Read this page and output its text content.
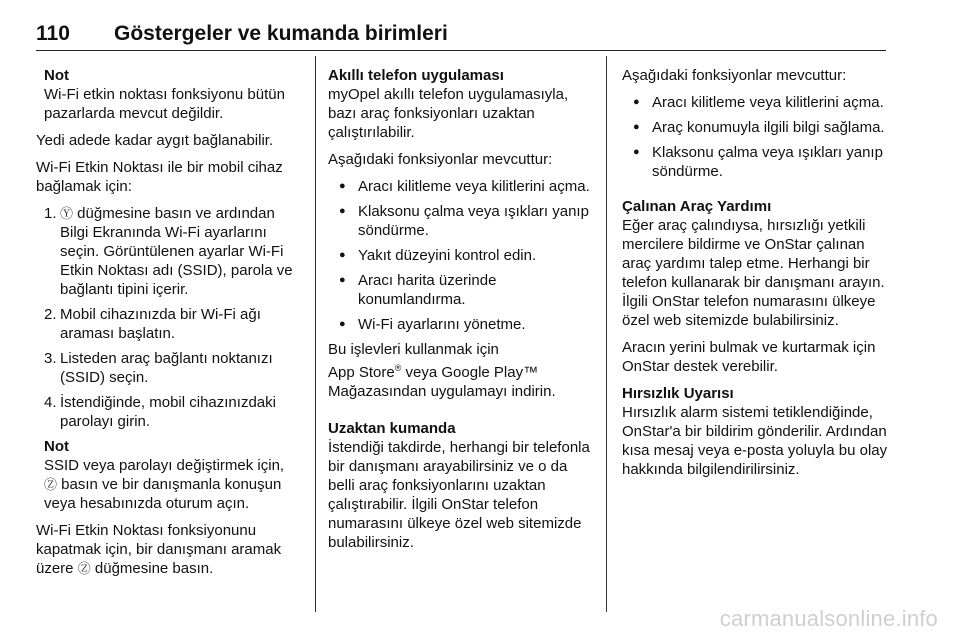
110 Göstergeler ve kumanda birimleri
Not
Wi-Fi etkin noktası fonksiyonu bütün pazarlarda mevcut değildir.

Yedi adede kadar aygıt bağlanabilir.

Wi-Fi Etkin Noktası ile bir mobil cihaz bağlamak için:

1. Ⓨ düğmesine basın ve ardından Bilgi Ekranında Wi-Fi ayarlarını seçin. Görüntülenen ayarlar Wi-Fi Etkin Noktası adı (SSID), parola ve bağlantı tipini içerir.
2. Mobil cihazınızda bir Wi-Fi ağı araması başlatın.
3. Listeden araç bağlantı noktanızı (SSID) seçin.
4. İstendiğinde, mobil cihazınızdaki parolayı girin.
Not
SSID veya parolayı değiştirmek için,
Ⓩ basın ve bir danışmanla konuşun veya hesabınızda oturum açın.

Wi-Fi Etkin Noktası fonksiyonunu kapatmak için, bir danışmanı aramak üzere Ⓩ düğmesine basın.

Akıllı telefon uygulaması

myOpel akıllı telefon uygulamasıyla, bazı araç fonksiyonları uzaktan çalıştırılabilir.

Aşağıdaki fonksiyonlar mevcuttur:

● Aracı kilitleme veya kilitlerini açma.
● Klaksonu çalma veya ışıkları yanıp söndürme.
● Yakıt düzeyini kontrol edin.
● Aracı harita üzerinde konumlandırma.
● Wi-Fi ayarlarını yönetme.

Bu işlevleri kullanmak için
App Store® veya Google Play™
Mağazasından uygulamayı indirin.

Uzaktan kumanda

İstendiği takdirde, herhangi bir telefonla bir danışmanı arayabilirsiniz ve o da belli araç fonksiyonlarını uzaktan çalıştırabilir. İlgili OnStar telefon numarasını ülkeye özel web sitemizde bulabilirsiniz.

Aşağıdaki fonksiyonlar mevcuttur:

● Aracı kilitleme veya kilitlerini açma.
● Araç konumuyla ilgili bilgi sağlama.
● Klaksonu çalma veya ışıkları yanıp söndürme.
Çalınan Araç Yardımı

Eğer araç çalındıysa, hırsızlığı yetkili mercilere bildirme ve OnStar çalınan araç yardımı talep etme. Herhangi bir telefon kullanarak bir danışmanı arayın. İlgili OnStar telefon numarasını ülkeye özel web sitemizde bulabilirsiniz.

Aracın yerini bulmak ve kurtarmak için OnStar destek verebilir.

Hırsızlık Uyarısı

Hırsızlık alarm sistemi tetiklendiğinde, OnStar'a bir bildirim gönderilir. Ardından kısa mesaj veya e-posta yoluyla bu olay hakkında bilgilendirilirsiniz.

carmanualsonline.info
